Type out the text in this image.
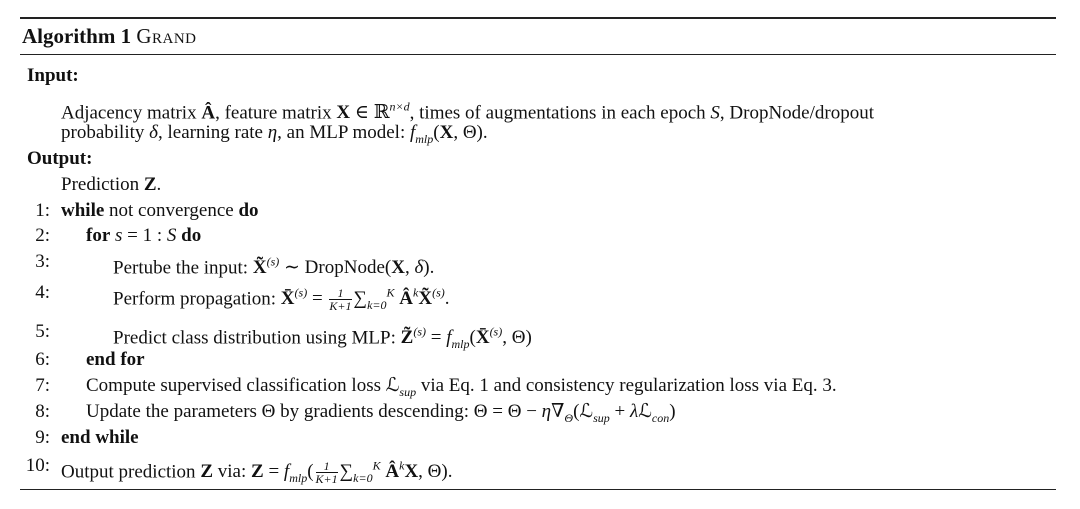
Algorithm 1 Grand
Input:
Adjacency matrix Â, feature matrix X ∈ ℝ$^{n\times d}$, times of augmentations in each epoch S, DropNode/dropout
probability δ, learning rate η, an MLP model: $f_{mlp}(X$, Θ).
Output:
Prediction Z.
1: while not convergence do
2: for s = 1 : S do
3:	Pertube the input: X̃$^{(s)}$ ∼ DropNode(X, δ).
4:	Perform propagation: X̄$^{(s)}$ = $\frac{1}{K+1} \sum_{k=0}^K$ $Â^kX̃^{(s)}$.
5:	Predict class distribution using MLP: Z̃$^{(s)}$ = $f_{mlp}(X̄^{(s)}$, Θ)
6: end for
7: Compute supervised classification loss ℒ$_{sup}$ via Eq. 1 and consistency regularization loss via Eq. 3.
8: Update the parameters Θ by gradients descending: $\Theta = \Theta - \eta\nabla_\Theta(ℒ_{sup}$ + λℒ$_{con}$)
9: end while
10: Output prediction Z via: $Z = f_{mlp}( \frac{1}{K+1} \sum_{k=0}^K$ $Â^kX$, Θ).
